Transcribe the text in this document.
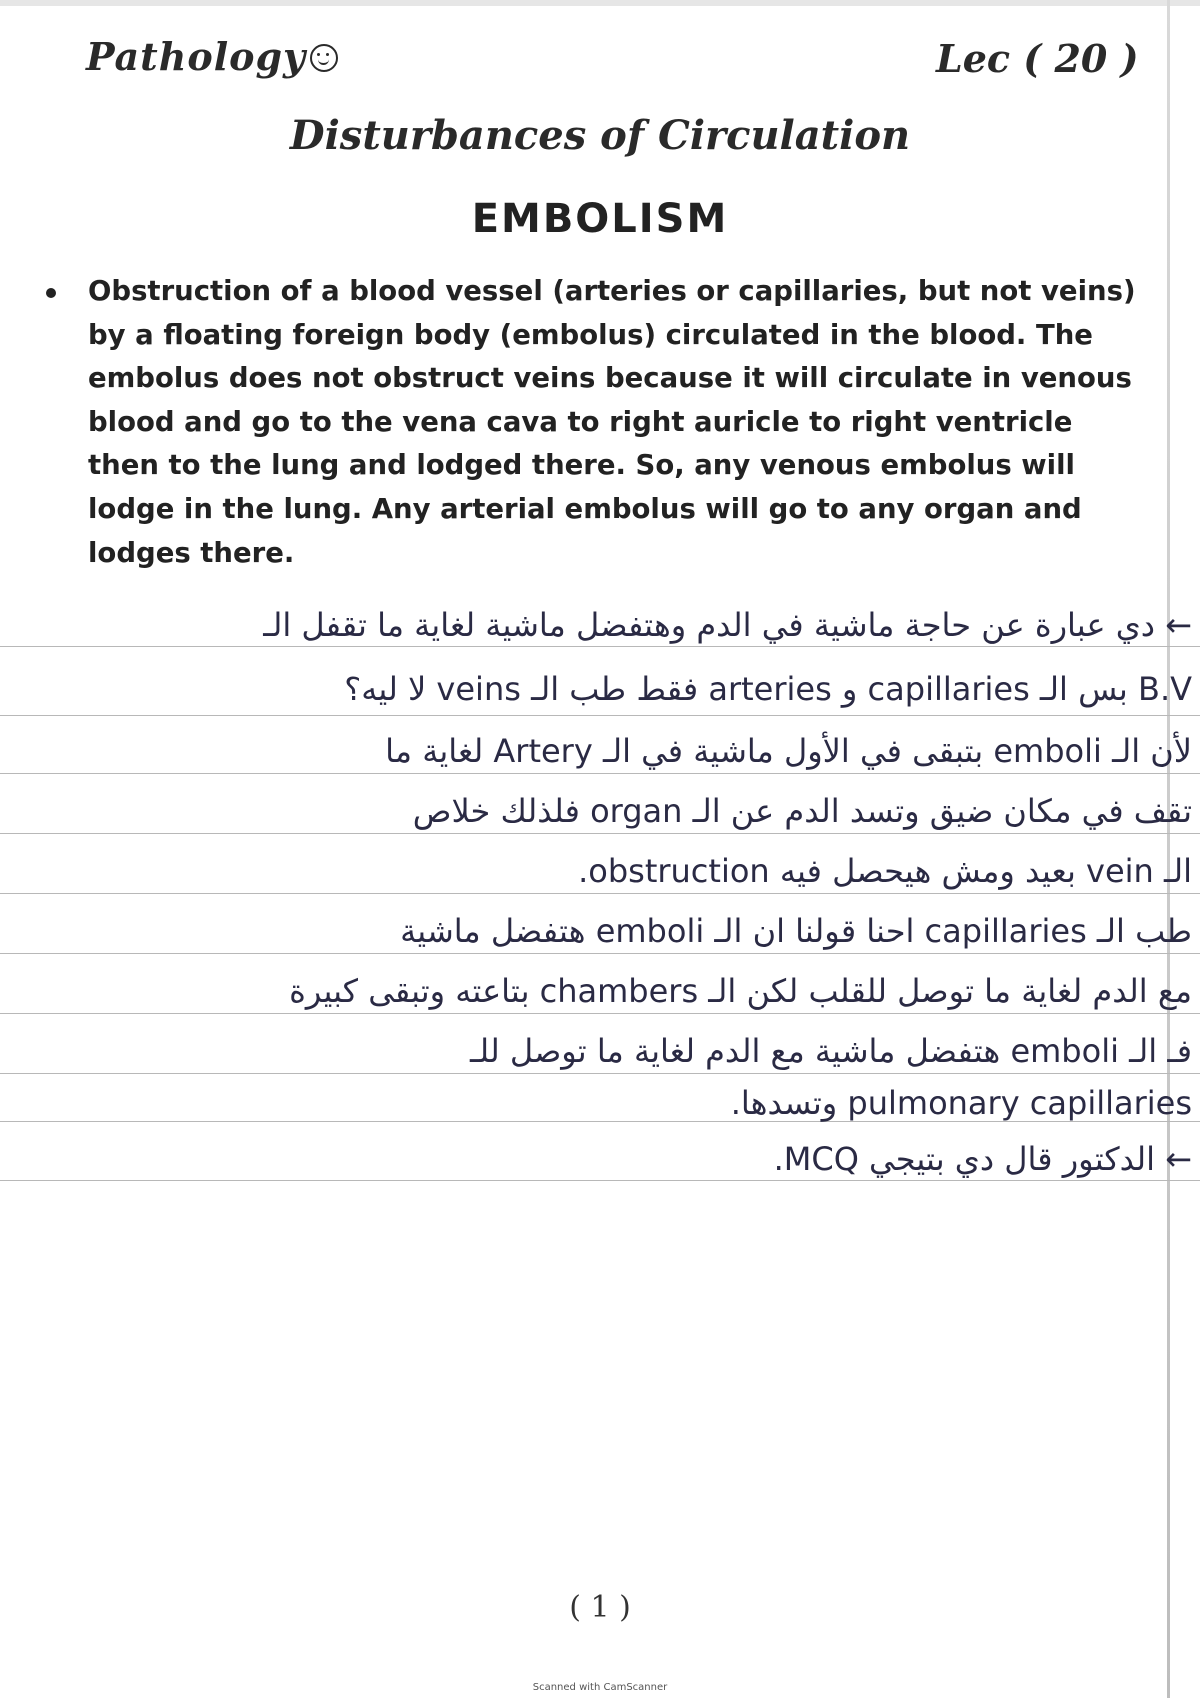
Pathology	Lec ( 20 )
Disturbances of Circulation
EMBOLISM

Obstruction of a blood vessel (arteries or capillaries, but not veins)
by a floating foreign body (embolus) circulated in the blood. The
embolus does not obstruct veins because it will circulate in venous
blood and go to the vena cava to right auricle to right ventricle
then to the lung and lodged there. So, any venous embolus will
lodge in the lung. Any arterial embolus will go to any organ and
lodges there.

← دي عبارة عن حاجة ماشية في الدم وهتفضل ماشية لغاية ما تقفل الـ

B.V بس الـ capillaries و arteries فقط طب الـ veins لا ليه؟

لأن الـ emboli بتبقى في الأول ماشية في الـ Artery لغاية ما

تقف في مكان ضيق وتسد الدم عن الـ organ فلذلك خلاص

الـ vein بعيد ومش هيحصل فيه obstruction.

طب الـ capillaries احنا قولنا ان الـ emboli هتفضل ماشية

مع الدم لغاية ما توصل للقلب لكن الـ chambers بتاعته وتبقى كبيرة

فـ الـ emboli هتفضل ماشية مع الدم لغاية ما توصل للـ

pulmonary capillaries وتسدها.

← الدكتور قال دي بتيجي MCQ.

( 1 )
Scanned with CamScanner
